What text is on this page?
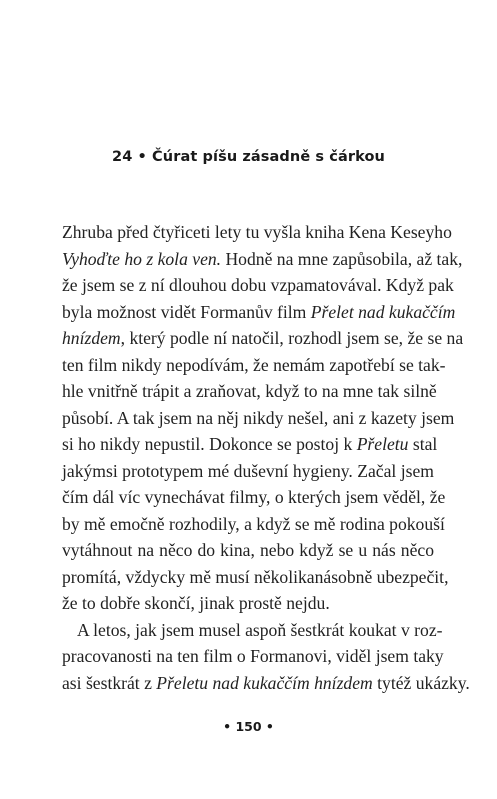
24 • Čúrat píšu zásadně s čárkou
Zhruba před čtyřiceti lety tu vyšla kniha Kena Keseyho
Vyhoďte ho z kola ven. Hodně na mne zapůsobila, až tak,
že jsem se z ní dlouhou dobu vzpamatovával. Když pak
byla možnost vidět Formanův film Přelet nad kukaččím
hnízdem, který podle ní natočil, rozhodl jsem se, že se na
ten film nikdy nepodívám, že nemám zapotřebí se tak-
hle vnitřně trápit a zraňovat, když to na mne tak silně
působí. A tak jsem na něj nikdy nešel, ani z kazety jsem
si ho nikdy nepustil. Dokonce se postoj k Přeletu stal
jakýmsi prototypem mé duševní hygieny. Začal jsem
čím dál víc vynechávat filmy, o kterých jsem věděl, že
by mě emočně rozhodily, a když se mě rodina pokouší
vytáhnout na něco do kina, nebo když se u nás něco
promítá, vždycky mě musí několikanásobně ubezpečit,
že to dobře skončí, jinak prostě nejdu.
A letos, jak jsem musel aspoň šestkrát koukat v roz-
pracovanosti na ten film o Formanovi, viděl jsem taky
asi šestkrát z Přeletu nad kukaččím hnízdem tytéž ukázky.
• 150 •
